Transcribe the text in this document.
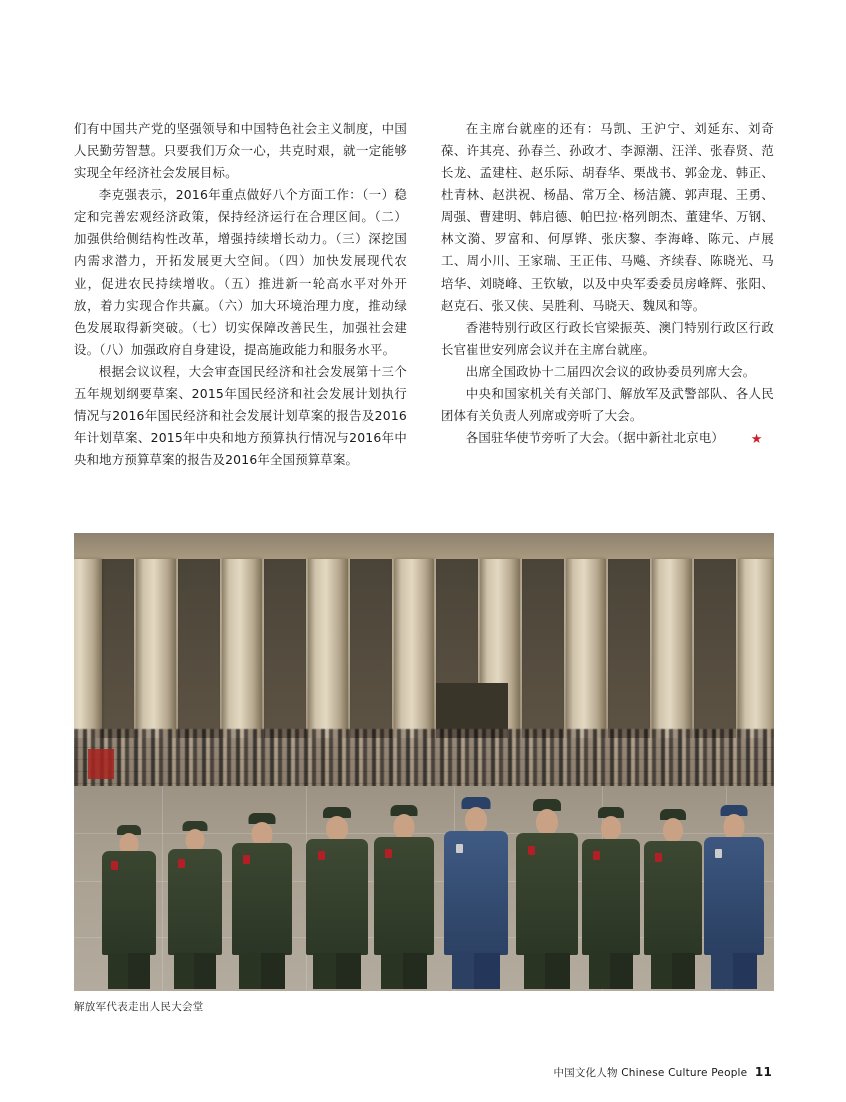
们有中国共产党的坚强领导和中国特色社会主义制度，中国人民勤劳智慧。只要我们万众一心，共克时艰，就一定能够实现全年经济社会发展目标。

李克强表示，2016年重点做好八个方面工作：（一）稳定和完善宏观经济政策，保持经济运行在合理区间。（二）加强供给侧结构性改革，增强持续增长动力。（三）深挖国内需求潜力，开拓发展更大空间。（四）加快发展现代农业，促进农民持续增收。（五）推进新一轮高水平对外开放，着力实现合作共赢。（六）加大环境治理力度，推动绿色发展取得新突破。（七）切实保障改善民生，加强社会建设。（八）加强政府自身建设，提高施政能力和服务水平。

根据会议议程，大会审查国民经济和社会发展第十三个五年规划纲要草案、2015年国民经济和社会发展计划执行情况与2016年国民经济和社会发展计划草案的报告及2016年计划草案、2015年中央和地方预算执行情况与2016年中央和地方预算草案的报告及2016年全国预算草案。

在主席台就座的还有：马凯、王沪宁、刘延东、刘奇葆、许其亮、孙春兰、孙政才、李源潮、汪洋、张春贤、范长龙、孟建柱、赵乐际、胡春华、栗战书、郭金龙、韩正、杜青林、赵洪祝、杨晶、常万全、杨洁篪、郭声琨、王勇、周强、曹建明、韩启德、帕巴拉·格列朗杰、董建华、万钢、林文漪、罗富和、何厚铧、张庆黎、李海峰、陈元、卢展工、周小川、王家瑞、王正伟、马飚、齐续春、陈晓光、马培华、刘晓峰、王钦敏，以及中央军委委员房峰辉、张阳、赵克石、张又侠、吴胜利、马晓天、魏凤和等。

香港特别行政区行政长官梁振英、澳门特别行政区行政长官崔世安列席会议并在主席台就座。

出席全国政协十二届四次会议的政协委员列席大会。

中央和国家机关有关部门、解放军及武警部队、各人民团体有关负责人列席或旁听了大会。

各国驻华使节旁听了大会。（据中新社北京电） ★

解放军代表走出人民大会堂
中国文化人物 Chinese Culture People 11
